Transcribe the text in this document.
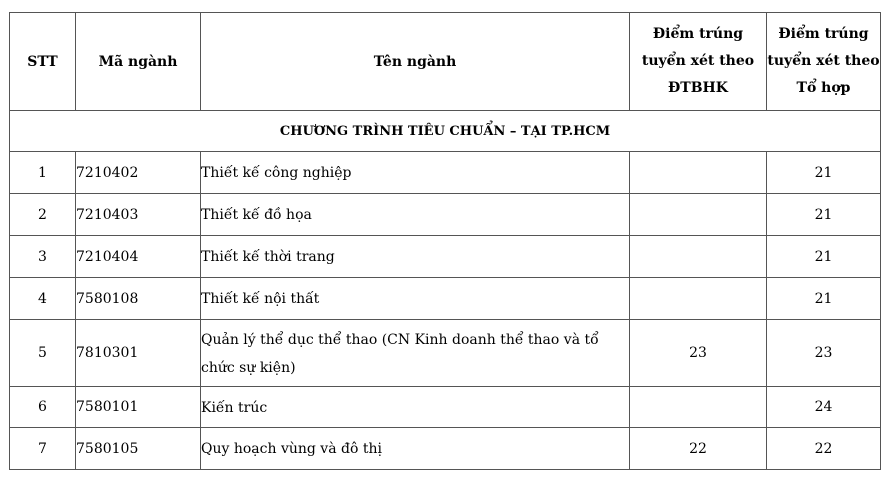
STT	Mã ngành	Tên ngành	Điểm trúng tuyển xét theo ĐTBHK	Điểm trúng tuyển xét theo Tổ hợp
CHƯƠNG TRÌNH TIÊU CHUẨN – TẠI TP.HCM				
1	7210402	Thiết kế công nghiệp		21
2	7210403	Thiết kế đồ họa		21
3	7210404	Thiết kế thời trang		21
4	7580108	Thiết kế nội thất		21
5	7810301	Quản lý thể dục thể thao (CN Kinh doanh thể thao và tổ chức sự kiện)	23	23
6	7580101	Kiến trúc		24
7	7580105	Quy hoạch vùng và đô thị	22	22
